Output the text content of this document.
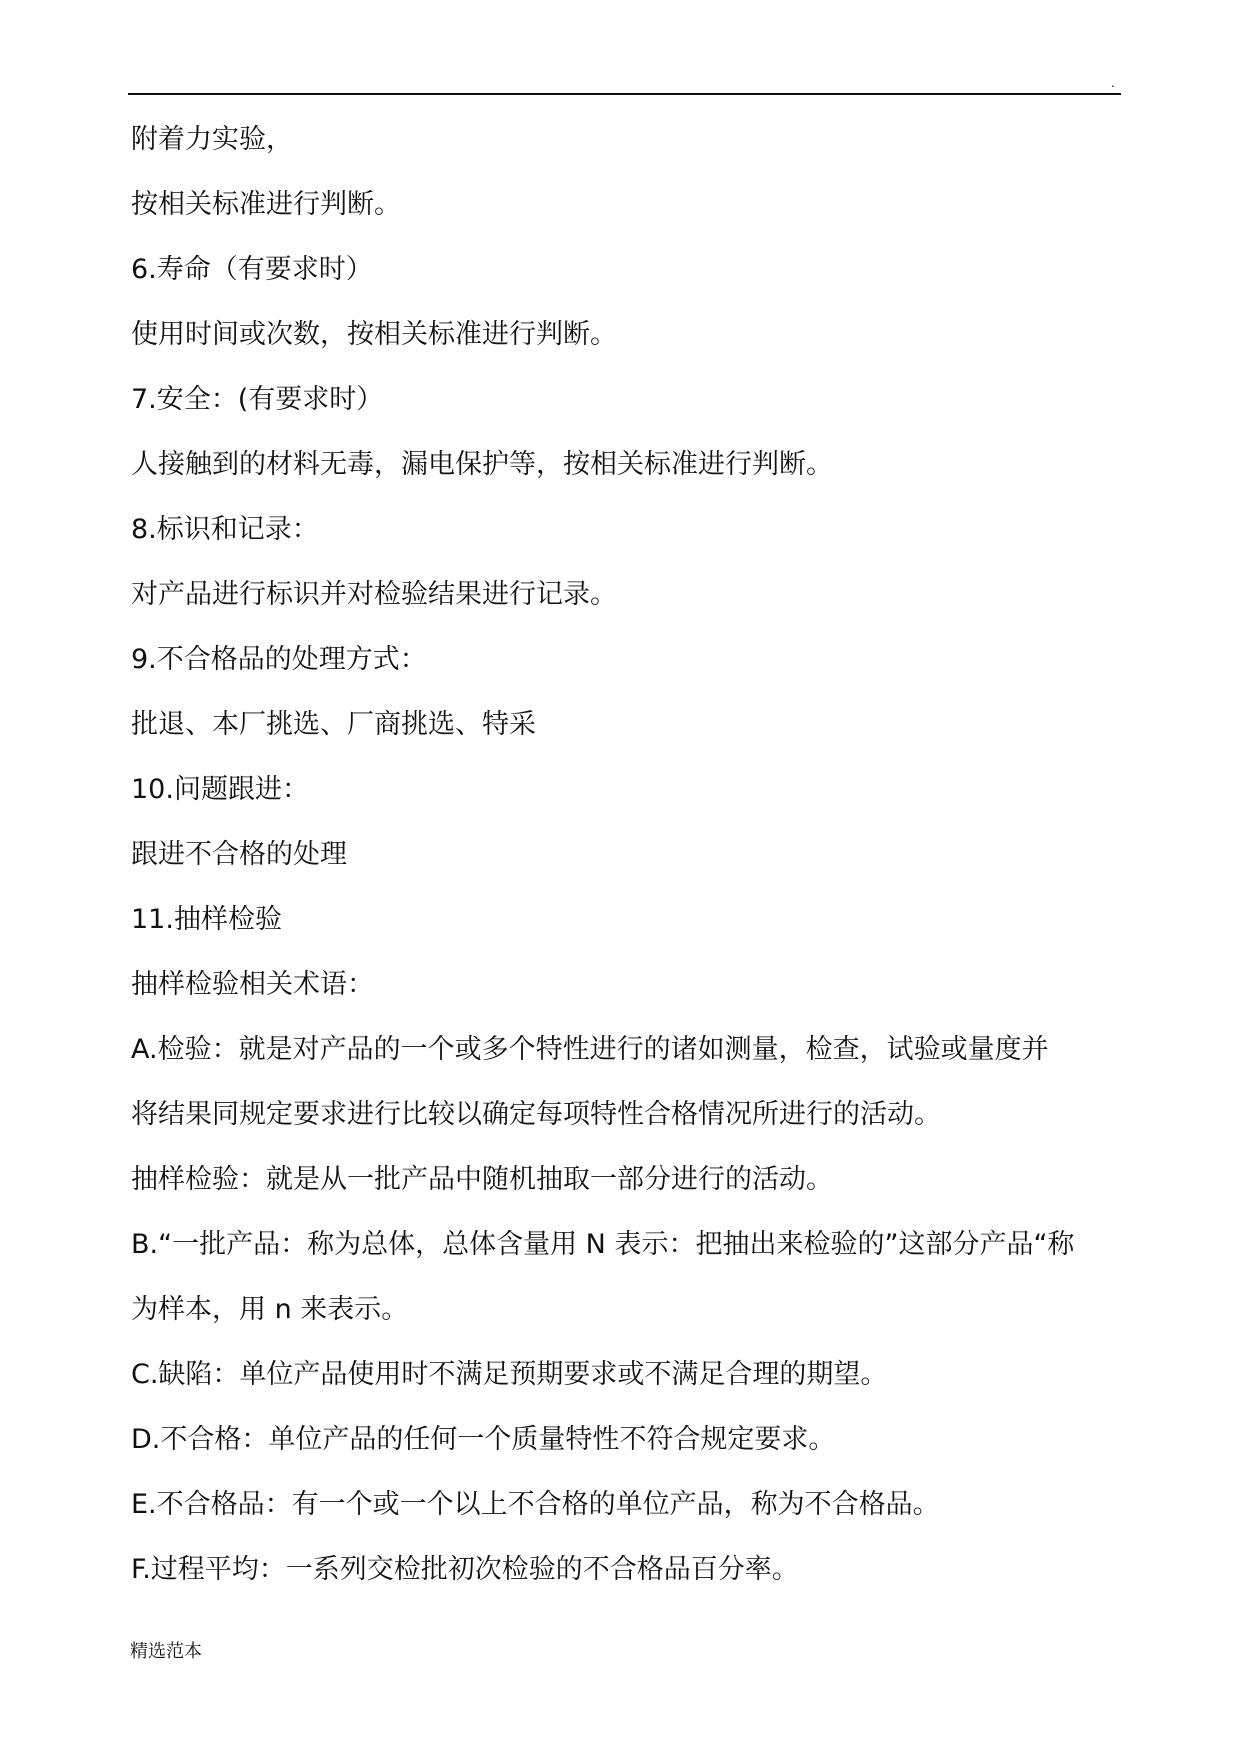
.
附着力实验，
按相关标准进行判断。
6.寿命（有要求时）
使用时间或次数，按相关标准进行判断。
7.安全：(有要求时）
人接触到的材料无毒，漏电保护等，按相关标准进行判断。
8.标识和记录：
对产品进行标识并对检验结果进行记录。
9.不合格品的处理方式：
批退、本厂挑选、厂商挑选、特采
10.问题跟进：
跟进不合格的处理
11.抽样检验
抽样检验相关术语：
A.检验：就是对产品的一个或多个特性进行的诸如测量，检查，试验或量度并
将结果同规定要求进行比较以确定每项特性合格情况所进行的活动。
抽样检验：就是从一批产品中随机抽取一部分进行的活动。
B.“一批产品：称为总体，总体含量用 N 表示：把抽出来检验的”这部分产品“称
为样本，用 n 来表示。
C.缺陷：单位产品使用时不满足预期要求或不满足合理的期望。
D.不合格：单位产品的任何一个质量特性不符合规定要求。
E.不合格品：有一个或一个以上不合格的单位产品，称为不合格品。
F.过程平均：一系列交检批初次检验的不合格品百分率。
精选范本
